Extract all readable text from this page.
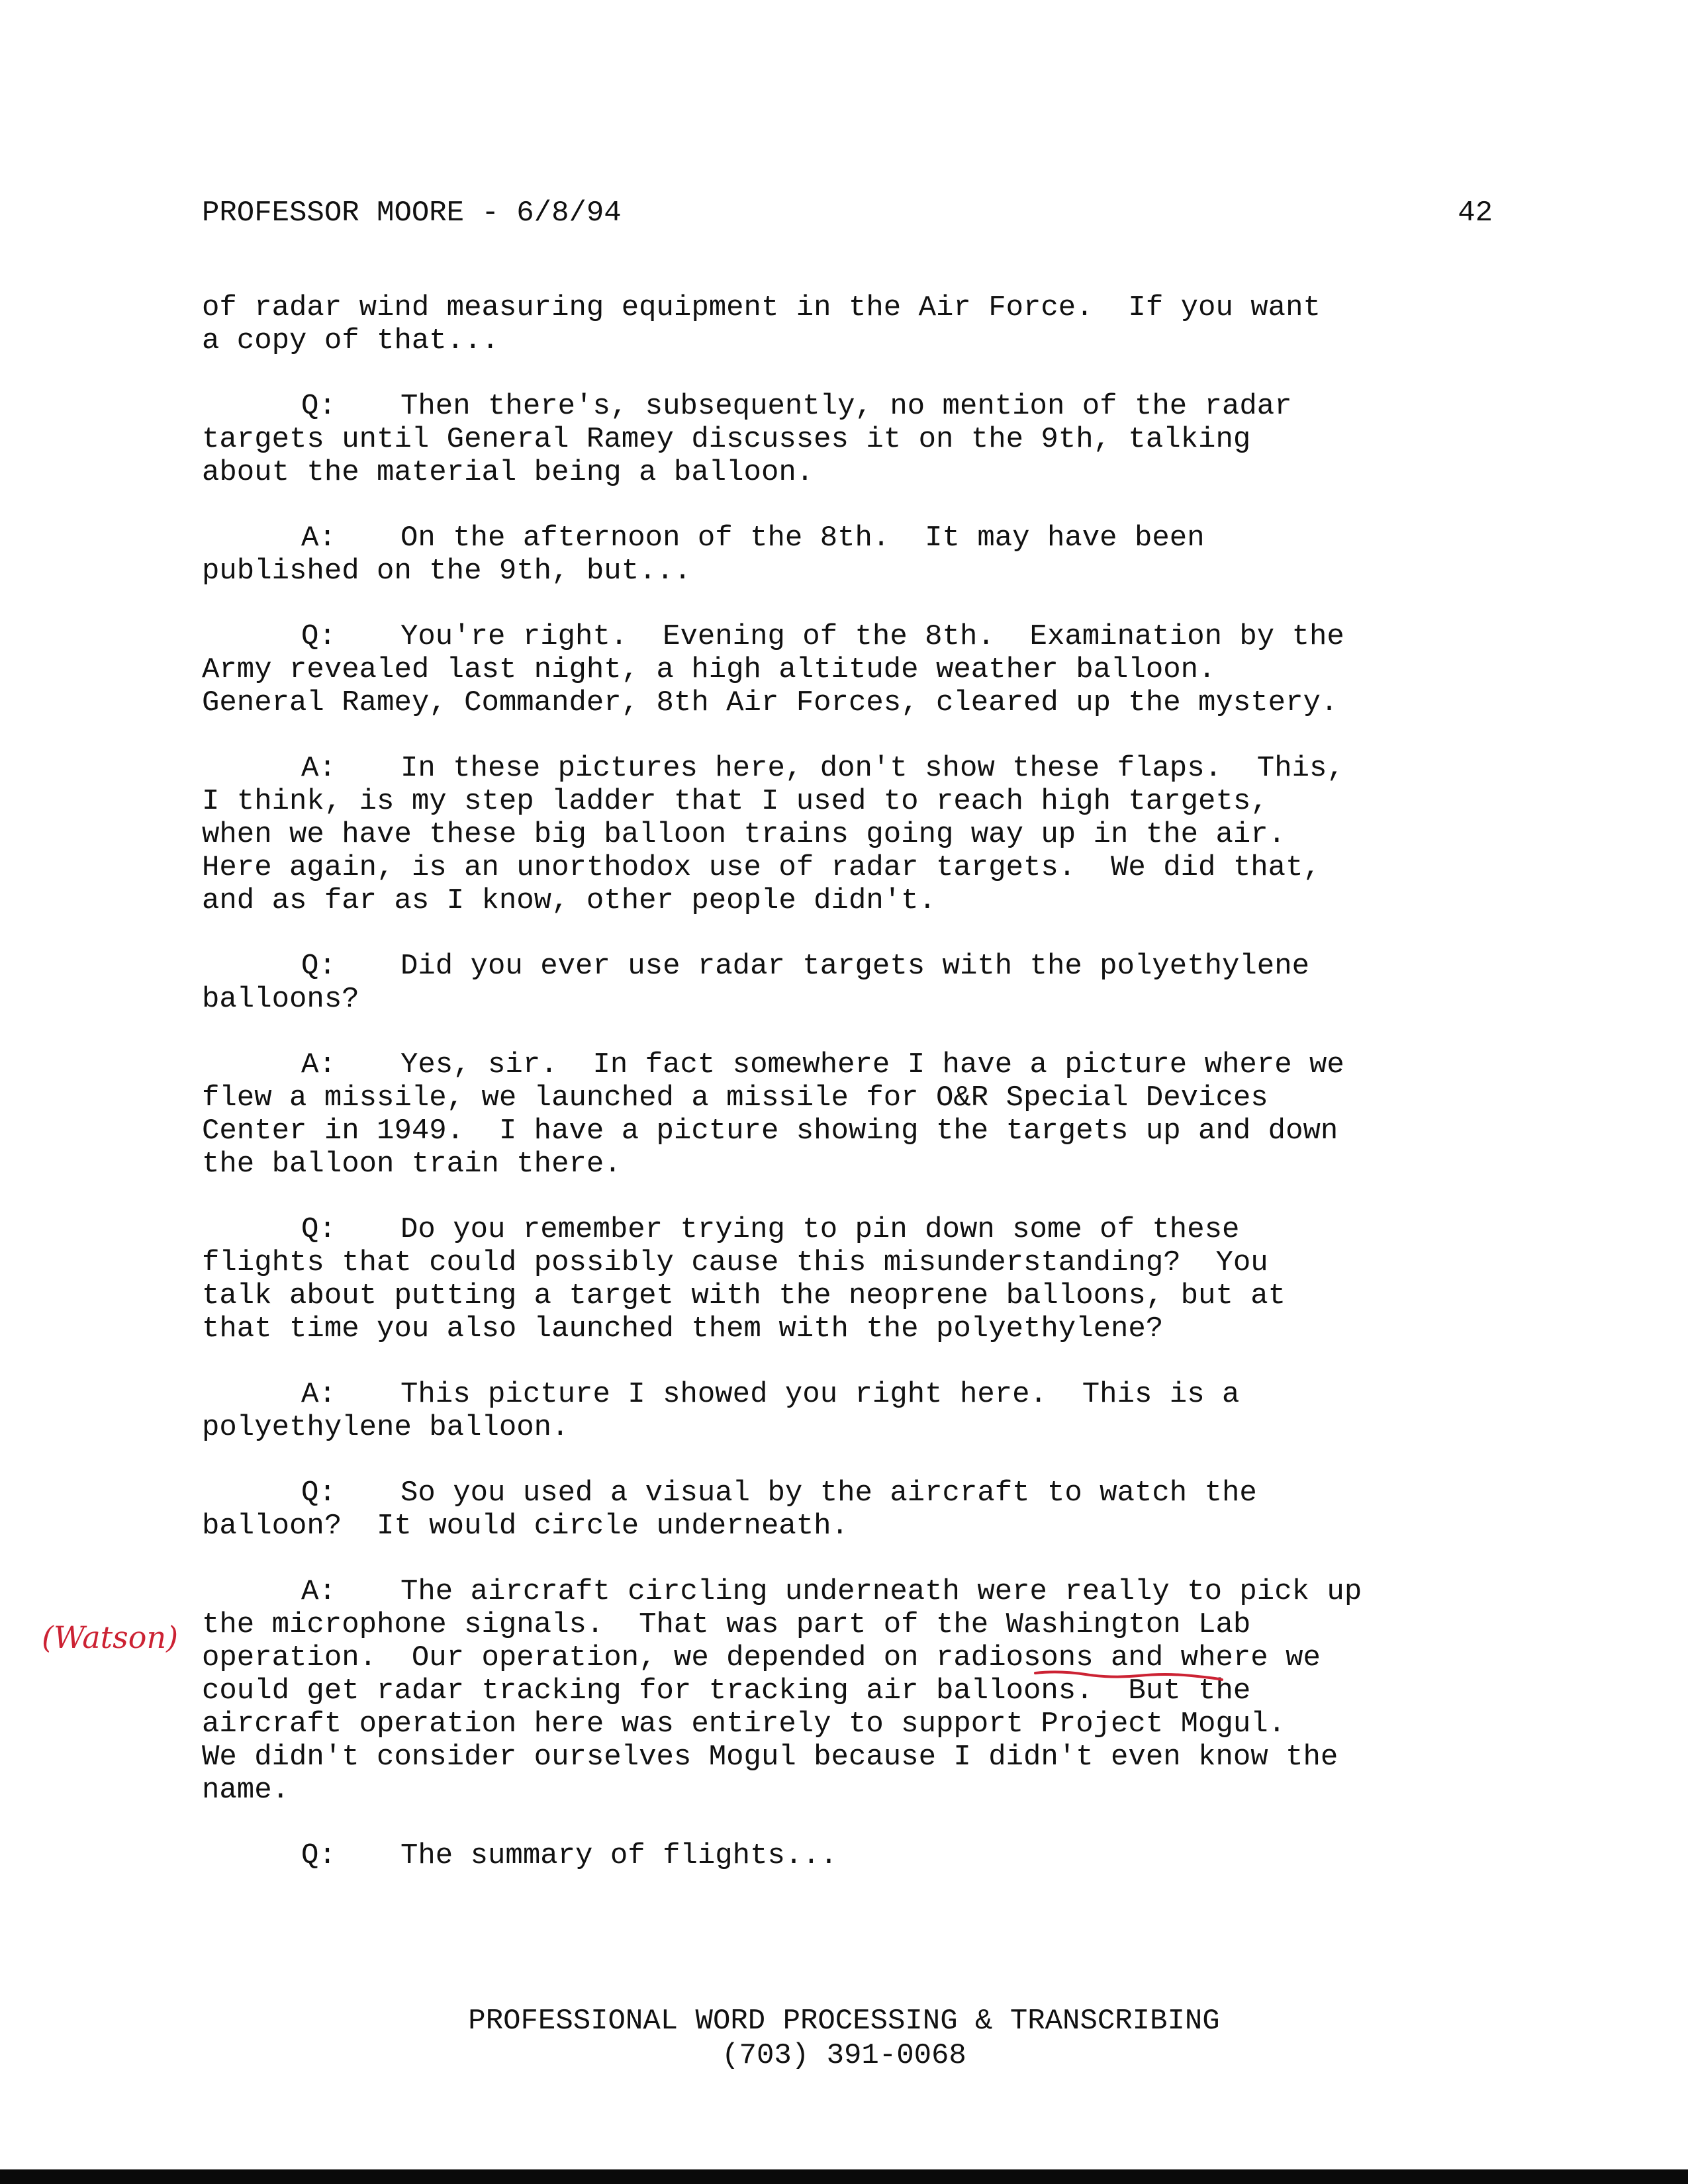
PROFESSOR MOORE - 6/8/94	42
of radar wind measuring equipment in the Air Force.  If you want
a copy of that...
Q: Then there's, subsequently, no mention of the radar
targets until General Ramey discusses it on the 9th, talking
about the material being a balloon.
A: On the afternoon of the 8th.  It may have been
published on the 9th, but...
Q: You're right.  Evening of the 8th.  Examination by the
Army revealed last night, a high altitude weather balloon.
General Ramey, Commander, 8th Air Forces, cleared up the mystery.
A: In these pictures here, don't show these flaps.  This,
I think, is my step ladder that I used to reach high targets,
when we have these big balloon trains going way up in the air.
Here again, is an unorthodox use of radar targets.  We did that,
and as far as I know, other people didn't.
Q: Did you ever use radar targets with the polyethylene
balloons?
A: Yes, sir.  In fact somewhere I have a picture where we
flew a missile, we launched a missile for O&R Special Devices
Center in 1949.  I have a picture showing the targets up and down
the balloon train there.
Q: Do you remember trying to pin down some of these
flights that could possibly cause this misunderstanding?  You
talk about putting a target with the neoprene balloons, but at
that time you also launched them with the polyethylene?
A: This picture I showed you right here.  This is a
polyethylene balloon.
Q: So you used a visual by the aircraft to watch the
balloon?  It would circle underneath.
A: The aircraft circling underneath were really to pick up
the microphone signals.  That was part of the Washington Lab
operation.  Our operation, we depended on radiosons and where we
could get radar tracking for tracking air balloons.  But the
aircraft operation here was entirely to support Project Mogul.
We didn't consider ourselves Mogul because I didn't even know the
name.
Q: The summary of flights...
(Watson)
PROFESSIONAL WORD PROCESSING & TRANSCRIBING
(703) 391-0068
